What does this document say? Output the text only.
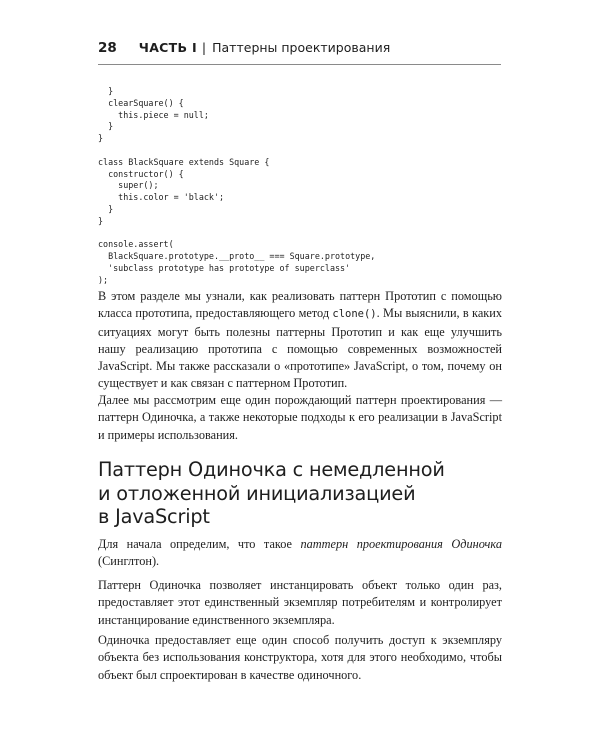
28 ЧАСТЬ I | Паттерны проектирования
}
clearSquare() {
this.piece = null;
}
}

class BlackSquare extends Square {
constructor() {
super();
this.color = 'black';
}
}

console.assert(
BlackSquare.prototype.__proto__ === Square.prototype,
'subclass prototype has prototype of superclass'
);

В этом разделе мы узнали, как реализовать паттерн Прототип с помощью класса прототипа, предоставляющего метод clone(). Мы выяснили, в каких ситуациях могут быть полезны паттерны Прототип и как еще улучшить нашу реализацию прототипа с помощью современных возможностей JavaScript. Мы также рассказали о «прототипе» JavaScript, о том, почему он существует и как связан с паттерном Прототип.

Далее мы рассмотрим еще один порождающий паттерн проектирования — паттерн Одиночка, а также некоторые подходы к его реализации в JavaScript и примеры использования.

Паттерн Одиночка с немедленной
и отложенной инициализацией
в JavaScript

Для начала определим, что такое паттерн проектирования Одиночка (Синглтон).

Паттерн Одиночка позволяет инстанцировать объект только один раз, предоставляет этот единственный экземпляр потребителям и контролирует инстанцирование единственного экземпляра.

Одиночка предоставляет еще один способ получить доступ к экземпляру объекта без использования конструктора, хотя для этого необходимо, чтобы объект был спроектирован в качестве одиночного.
